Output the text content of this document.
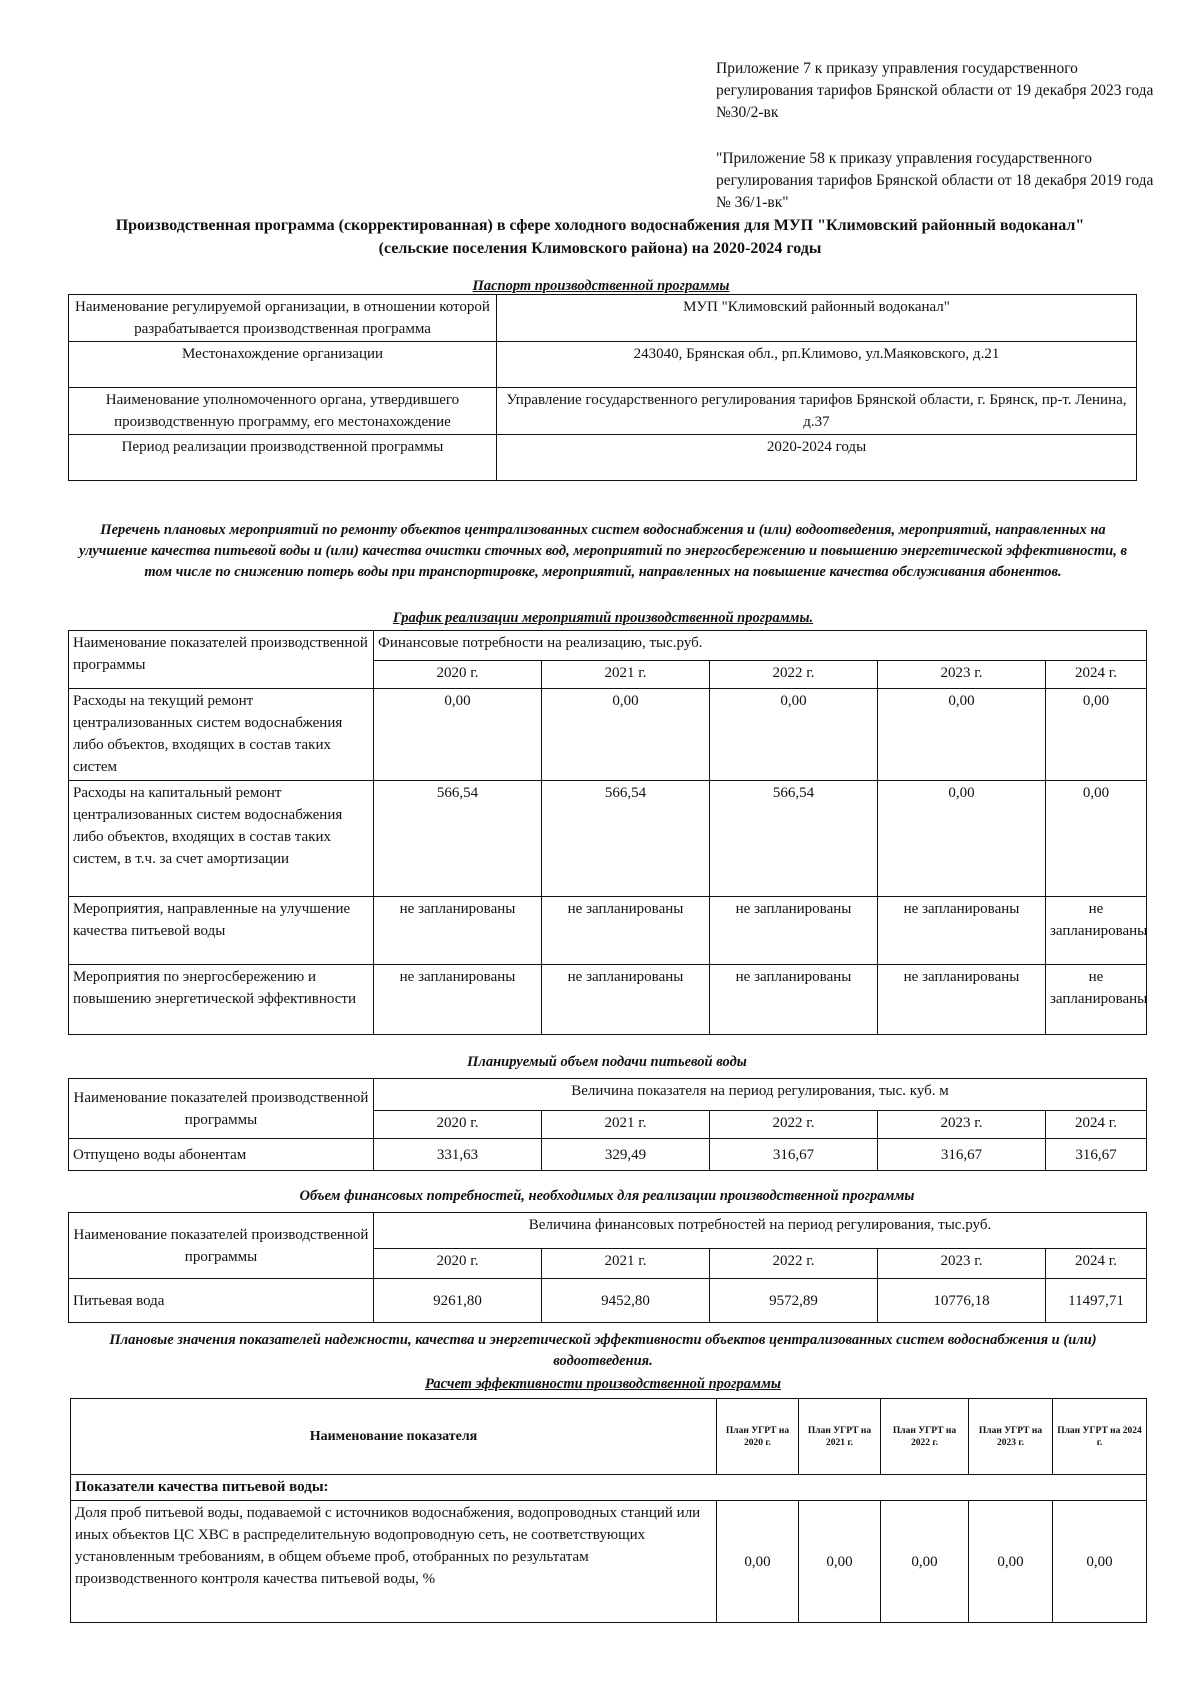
Приложение 7 к приказу управления государственного регулирования тарифов Брянской области от 19 декабря 2023 года №30/2-вк
"Приложение 58 к приказу управления государственного регулирования тарифов Брянской области от 18 декабря 2019 года № 36/1-вк"
Производственная программа (скорректированная) в сфере холодного водоснабжения для МУП "Климовский районный водоканал" (сельские поселения Климовского района) на 2020-2024 годы
Паспорт производственной программы
Наименование регулируемой организации, в отношении которой разрабатывается производственная программа	МУП "Климовский районный водоканал"
Местонахождение организации	243040, Брянская обл., рп.Климово, ул.Маяковского, д.21
Наименование уполномоченного органа, утвердившего производственную программу, его местонахождение	Управление государственного регулирования тарифов Брянской области, г. Брянск, пр-т. Ленина, д.37
Период реализации производственной программы	2020-2024 годы
Перечень плановых мероприятий по ремонту объектов централизованных систем водоснабжения и (или) водоотведения, мероприятий, направленных на улучшение качества питьевой воды и (или) качества очистки сточных вод, мероприятий по энергосбережению и повышению энергетической эффективности, в том числе по снижению потерь воды при транспортировке, мероприятий, направленных на повышение качества обслуживания абонентов.
График реализации мероприятий производственной программы.
Наименование показателей производственной программы	Финансовые потребности на реализацию, тыс.руб.				
	2020 г.	2021 г.	2022 г.	2023 г.	2024 г.
Расходы на текущий ремонт централизованных систем водоснабжения либо объектов, входящих в состав таких систем	0,00	0,00	0,00	0,00	0,00
Расходы на капитальный ремонт централизованных систем водоснабжения либо объектов, входящих в состав таких систем, в т.ч. за счет амортизации	566,54	566,54	566,54	0,00	0,00
Мероприятия, направленные на улучшение качества питьевой воды	не запланированы	не запланированы	не запланированы	не запланированы	не запланированы
Мероприятия по энергосбережению и повышению энергетической эффективности	не запланированы	не запланированы	не запланированы	не запланированы	не запланированы
Планируемый объем подачи питьевой воды
Наименование показателей производственной программы	Величина показателя на период регулирования, тыс. куб. м				
	2020 г.	2021 г.	2022 г.	2023 г.	2024 г.
Отпущено воды абонентам	331,63	329,49	316,67	316,67	316,67
Объем финансовых потребностей, необходимых для реализации производственной программы
Наименование показателей производственной программы	Величина финансовых потребностей на период регулирования, тыс.руб.				
	2020 г.	2021 г.	2022 г.	2023 г.	2024 г.
Питьевая вода	9261,80	9452,80	9572,89	10776,18	11497,71
Плановые значения показателей надежности, качества и энергетической эффективности объектов централизованных систем водоснабжения и (или) водоотведения.
Расчет эффективности производственной программы
Наименование показателя	План УГРТ на 2020 г.	План УГРТ на 2021 г.	План УГРТ на 2022 г.	План УГРТ на 2023 г.	План УГРТ на 2024 г.
Показатели качества питьевой воды:					
Доля проб питьевой воды, подаваемой с источников водоснабжения, водопроводных станций или иных объектов ЦС ХВС в распределительную водопроводную сеть, не соответствующих установленным требованиям, в общем объеме проб, отобранных по результатам производственного контроля качества питьевой воды, %	0,00	0,00	0,00	0,00	0,00
